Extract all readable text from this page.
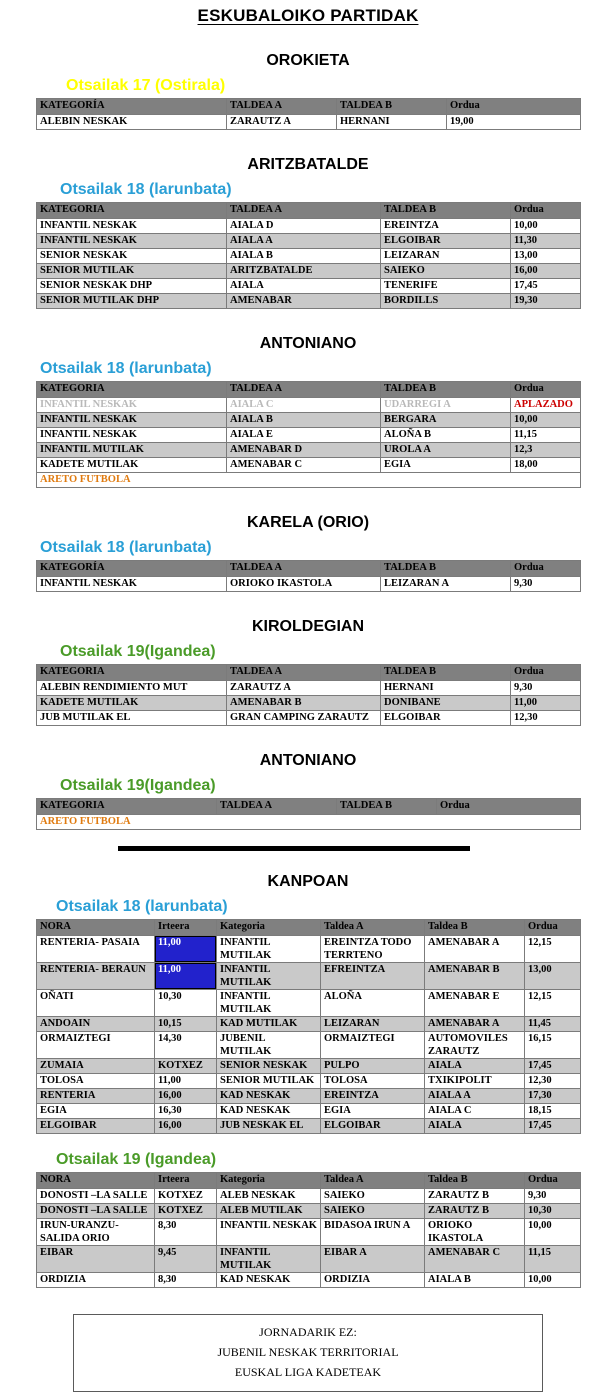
ESKUBALOIKO PARTIDAK
OROKIETA
Otsailak 17 (Ostirala)
KATEGORÍA	TALDEA A	TALDEA B	Ordua
ALEBIN NESKAK	ZARAUTZ A	HERNANI	19,00
ARITZBATALDE
Otsailak 18 (larunbata)
KATEGORIA	TALDEA A	TALDEA B	Ordua
INFANTIL NESKAK	AIALA D	EREINTZA	10,00
INFANTIL NESKAK	AIALA A	ELGOIBAR	11,30
SENIOR NESKAK	AIALA B	LEIZARAN	13,00
SENIOR MUTILAK	ARITZBATALDE	SAIEKO	16,00
SENIOR NESKAK DHP	AIALA	TENERIFE	17,45
SENIOR MUTILAK DHP	AMENABAR	BORDILLS	19,30
ANTONIANO
Otsailak 18 (larunbata)
KATEGORIA	TALDEA A	TALDEA B	Ordua
INFANTIL NESKAK	AIALA C	UDARREGI A	APLAZADO
INFANTIL NESKAK	AIALA B	BERGARA	10,00
INFANTIL NESKAK	AIALA E	ALOÑA B	11,15
INFANTIL MUTILAK	AMENABAR D	UROLA A	12,3
KADETE MUTILAK	AMENABAR C	EGIA	18,00
ARETO FUTBOLA			
KARELA (ORIO)
Otsailak 18 (larunbata)
KATEGORÍA	TALDEA A	TALDEA B	Ordua
INFANTIL NESKAK	ORIOKO IKASTOLA	LEIZARAN A	9,30
KIROLDEGIAN
Otsailak 19(Igandea)
KATEGORIA	TALDEA A	TALDEA B	Ordua
ALEBIN RENDIMIENTO MUT	ZARAUTZ A	HERNANI	9,30
KADETE MUTILAK	AMENABAR B	DONIBANE	11,00
JUB MUTILAK EL	GRAN CAMPING ZARAUTZ	ELGOIBAR	12,30
ANTONIANO
Otsailak 19(Igandea)
KATEGORIA	TALDEA A	TALDEA B	Ordua
ARETO FUTBOLA
KANPOAN
Otsailak 18 (larunbata)
NORA	Irteera	Kategoria	Taldea A	Taldea B	Ordua
RENTERIA- PASAIA	11,00	INFANTIL MUTILAK	EREINTZA TODO TERRTENO	AMENABAR A	12,15
RENTERIA- BERAUN	11,00	INFANTIL MUTILAK	EFREINTZA	AMENABAR B	13,00
OÑATI	10,30	INFANTIL MUTILAK	ALOÑA	AMENABAR E	12,15
ANDOAIN	10,15	KAD MUTILAK	LEIZARAN	AMENABAR A	11,45
ORMAIZTEGI	14,30	JUBENIL MUTILAK	ORMAIZTEGI	AUTOMOVILES ZARAUTZ	16,15
ZUMAIA	KOTXEZ	SENIOR NESKAK	PULPO	AIALA	17,45
TOLOSA	11,00	SENIOR MUTILAK	TOLOSA	TXIKIPOLIT	12,30
RENTERIA	16,00	KAD NESKAK	EREINTZA	AIALA A	17,30
EGIA	16,30	KAD NESKAK	EGIA	AIALA C	18,15
ELGOIBAR	16,00	JUB NESKAK EL	ELGOIBAR	AIALA	17,45
Otsailak 19 (Igandea)
NORA	Irteera	Kategoria	Taldea A	Taldea B	Ordua
DONOSTI –LA SALLE	KOTXEZ	ALEB NESKAK	SAIEKO	ZARAUTZ B	9,30
DONOSTI –LA SALLE	KOTXEZ	ALEB MUTILAK	SAIEKO	ZARAUTZ B	10,30
IRUN-URANZU- SALIDA ORIO	8,30	INFANTIL NESKAK	BIDASOA IRUN A	ORIOKO IKASTOLA	10,00
EIBAR	9,45	INFANTIL MUTILAK	EIBAR A	AMENABAR C	11,15
ORDIZIA	8,30	KAD NESKAK	ORDIZIA	AIALA B	10,00
JORNADARIK EZ:
JUBENIL NESKAK TERRITORIAL
EUSKAL LIGA KADETEAK
